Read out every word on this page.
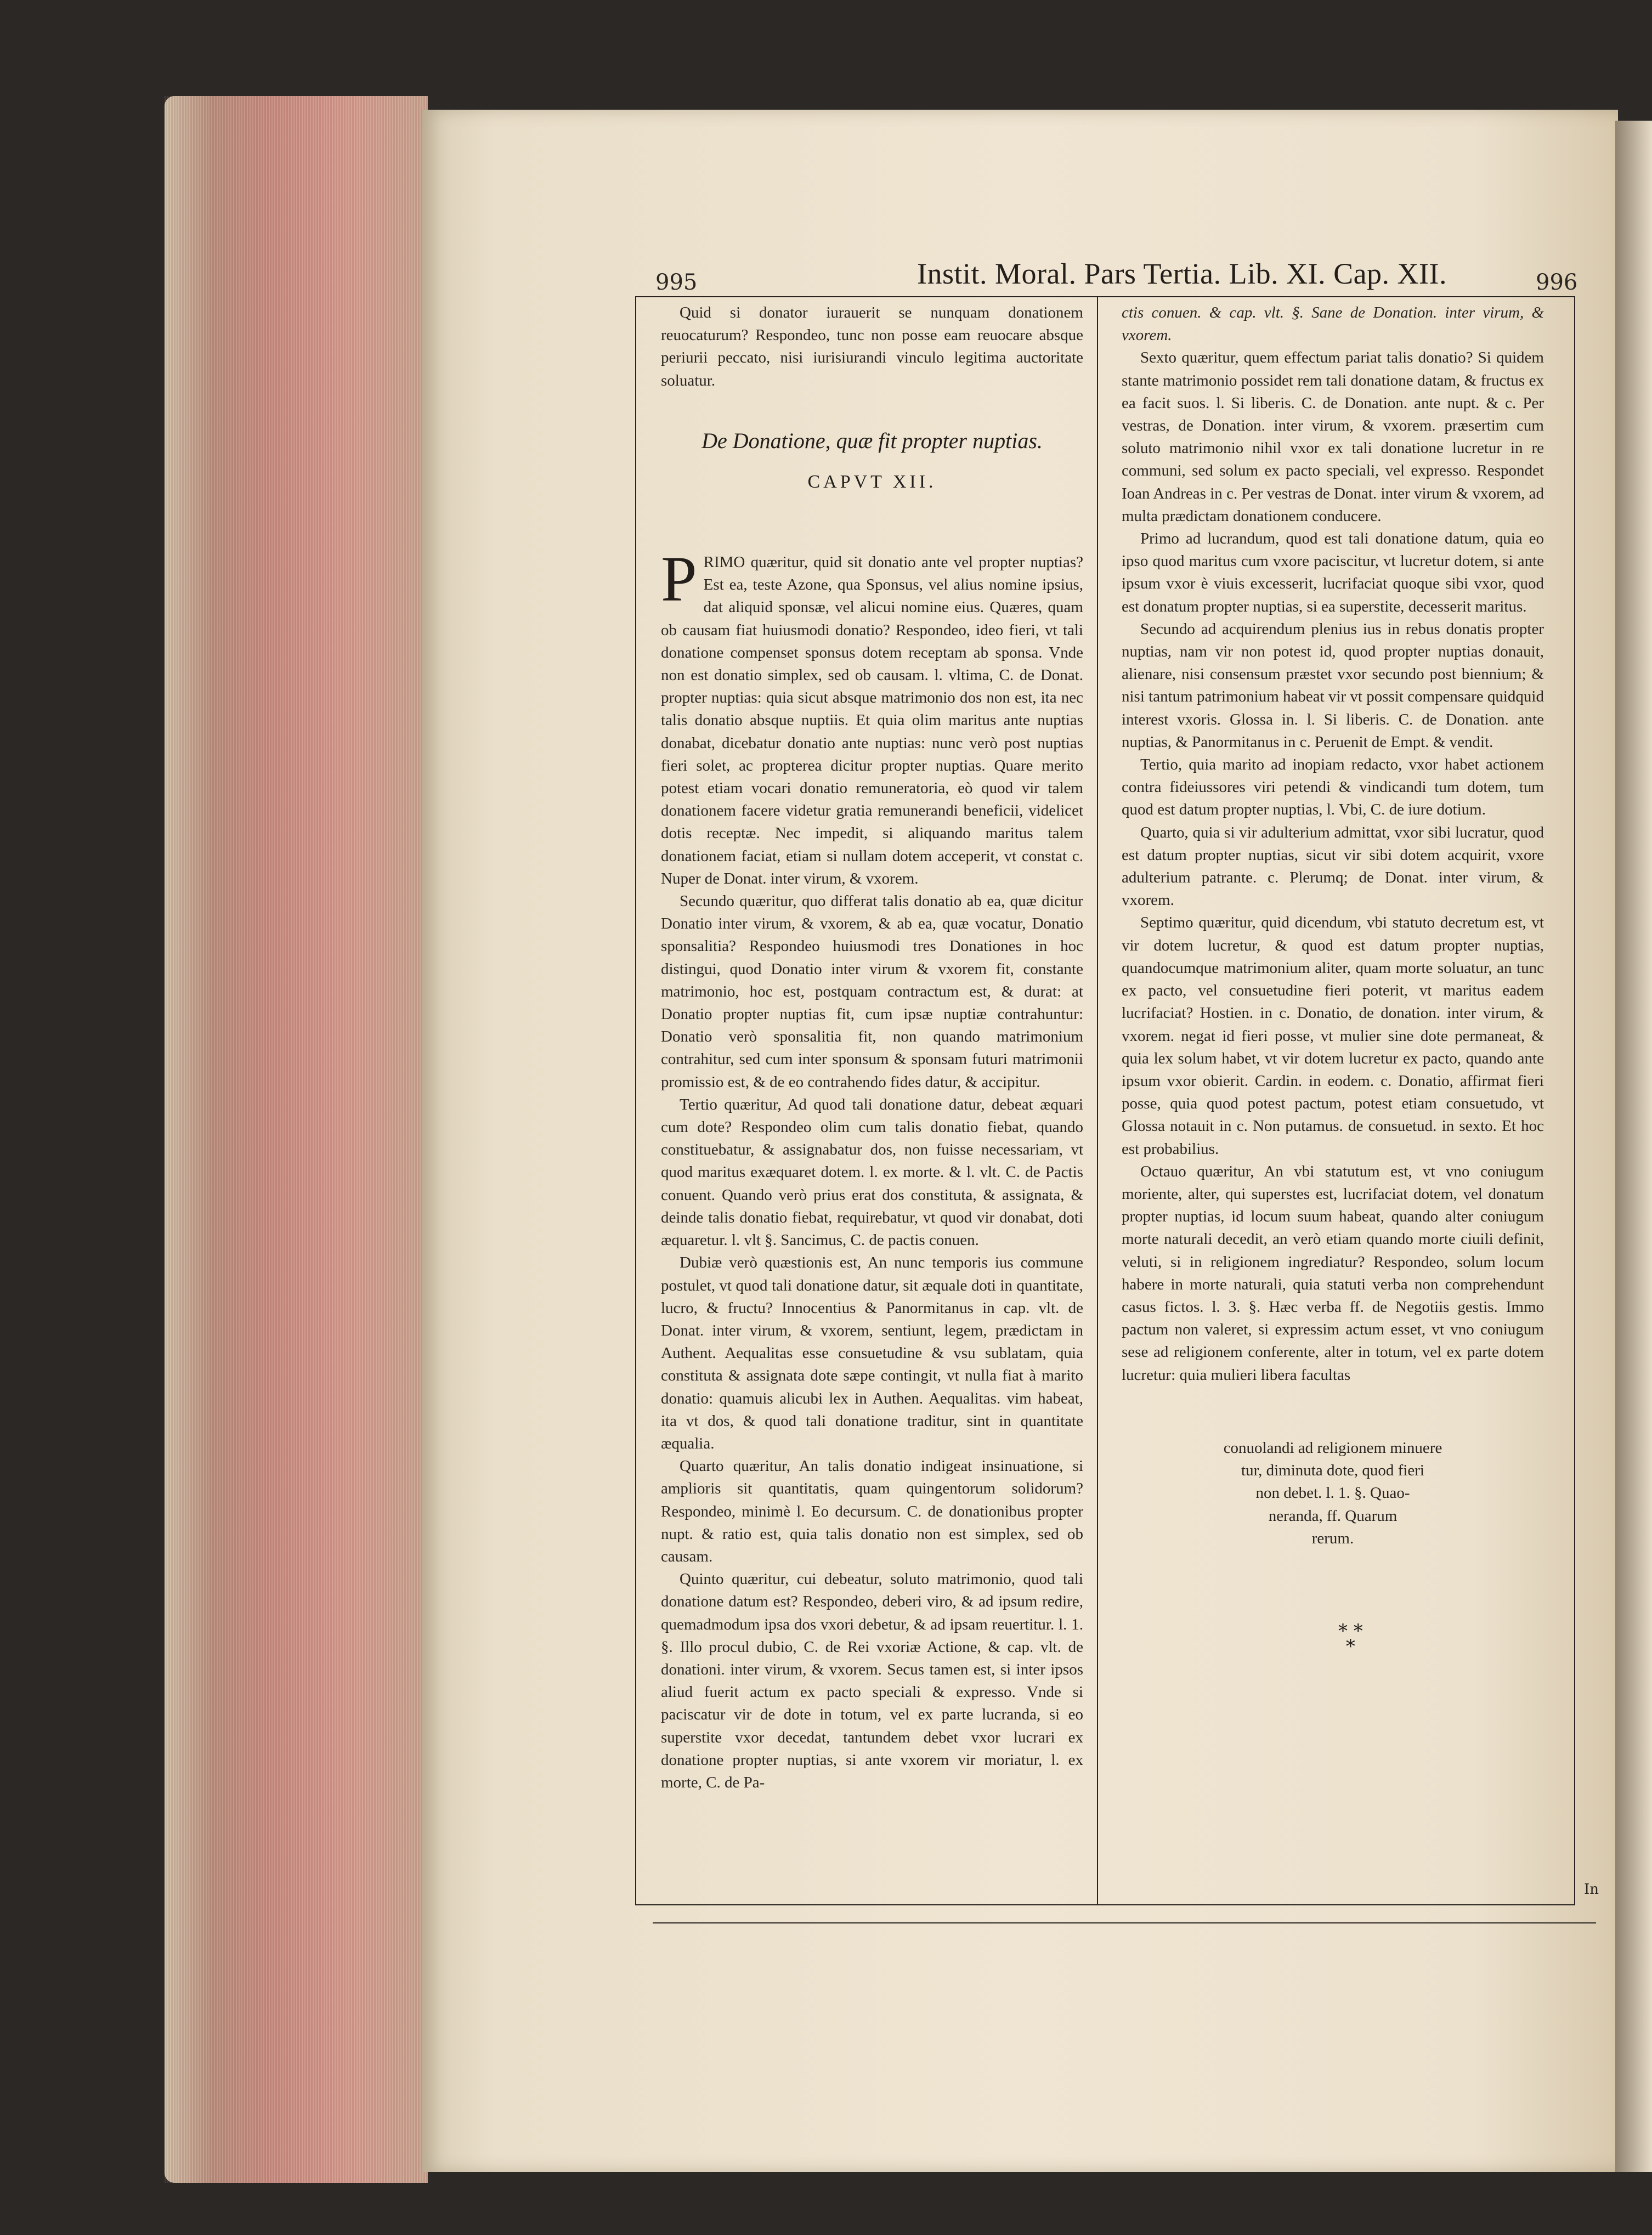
995	Instit. Moral. Pars Tertia. Lib. XI. Cap. XII.	996

Quid si donator iurauerit se nunquam donationem reuocaturum? Respondeo, tunc non posse eam reuocare absque periurii peccato, nisi iurisiurandi vinculo legitima auctoritate soluatur.

De Donatione, quæ fit propter nuptias.
CAPVT XII.

PRIMO quæritur, quid sit donatio ante vel propter nuptias? Est ea, teste Azone, qua Sponsus, vel alius nomine ipsius, dat aliquid sponsæ, vel alicui nomine eius. Quæres, quam ob causam fiat huiusmodi donatio? Respondeo, ideo fieri, vt tali donatione compenset sponsus dotem receptam ab sponsa. Vnde non est donatio simplex, sed ob causam. l. vltima, C. de Donat. propter nuptias: quia sicut absque matrimonio dos non est, ita nec talis donatio absque nuptiis. Et quia olim maritus ante nuptias donabat, dicebatur donatio ante nuptias: nunc verò post nuptias fieri solet, ac propterea dicitur propter nuptias. Quare merito potest etiam vocari donatio remuneratoria, eò quod vir talem donationem facere videtur gratia remunerandi beneficii, videlicet dotis receptæ. Nec impedit, si aliquando maritus talem donationem faciat, etiam si nullam dotem acceperit, vt constat c. Nuper de Donat. inter virum, & vxorem.

Secundo quæritur, quo differat talis donatio ab ea, quæ dicitur Donatio inter virum, & vxorem, & ab ea, quæ vocatur, Donatio sponsalitia? Respondeo huiusmodi tres Donationes in hoc distingui, quod Donatio inter virum & vxorem fit, constante matrimonio, hoc est, postquam contractum est, & durat: at Donatio propter nuptias fit, cum ipsæ nuptiæ contrahuntur: Donatio verò sponsalitia fit, non quando matrimonium contrahitur, sed cum inter sponsum & sponsam futuri matrimonii promissio est, & de eo contrahendo fides datur, & accipitur.

Tertio quæritur, Ad quod tali donatione datur, debeat æquari cum dote? Respondeo olim cum talis donatio fiebat, quando constituebatur, & assignabatur dos, non fuisse necessariam, vt quod maritus exæquaret dotem. l. ex morte. & l. vlt. C. de Pactis conuent. Quando verò prius erat dos constituta, & assignata, & deinde talis donatio fiebat, requirebatur, vt quod vir donabat, doti æquaretur. l. vlt §. Sancimus, C. de pactis conuen.

Dubiæ verò quæstionis est, An nunc temporis ius commune postulet, vt quod tali donatione datur, sit æquale doti in quantitate, lucro, & fructu? Innocentius & Panormitanus in cap. vlt. de Donat. inter virum, & vxorem, sentiunt, legem, prædictam in Authent. Aequalitas esse consuetudine & vsu sublatam, quia constituta & assignata dote sæpe contingit, vt nulla fiat à marito donatio: quamuis alicubi lex in Authen. Aequalitas. vim habeat, ita vt dos, & quod tali donatione traditur, sint in quantitate æqualia.

Quarto quæritur, An talis donatio indigeat insinuatione, si amplioris sit quantitatis, quam quingentorum solidorum? Respondeo, minimè l. Eo decursum. C. de donationibus propter nupt. & ratio est, quia talis donatio non est simplex, sed ob causam.

Quinto quæritur, cui debeatur, soluto matrimonio, quod tali donatione datum est? Respondeo, deberi viro, & ad ipsum redire, quemadmodum ipsa dos vxori debetur, & ad ipsam reuertitur. l. 1. §. Illo procul dubio, C. de Rei vxoriæ Actione, & cap. vlt. de donationi. inter virum, & vxorem. Secus tamen est, si inter ipsos aliud fuerit actum ex pacto speciali & expresso. Vnde si paciscatur vir de dote in totum, vel ex parte lucranda, si eo superstite vxor decedat, tantundem debet vxor lucrari ex donatione propter nuptias, si ante vxorem vir moriatur, l. ex morte, C. de Pa-

ctis conuen. & cap. vlt. §. Sane de Donation. inter virum, & vxorem.

Sexto quæritur, quem effectum pariat talis donatio? Si quidem stante matrimonio possidet rem tali donatione datam, & fructus ex ea facit suos. l. Si liberis. C. de Donation. ante nupt. & c. Per vestras, de Donation. inter virum, & vxorem. præsertim cum soluto matrimonio nihil vxor ex tali donatione lucretur in re communi, sed solum ex pacto speciali, vel expresso. Respondet Ioan Andreas in c. Per vestras de Donat. inter virum & vxorem, ad multa prædictam donationem conducere.

Primo ad lucrandum, quod est tali donatione datum, quia eo ipso quod maritus cum vxore paciscitur, vt lucretur dotem, si ante ipsum vxor è viuis excesserit, lucrifaciat quoque sibi vxor, quod est donatum propter nuptias, si ea superstite, decesserit maritus.

Secundo ad acquirendum plenius ius in rebus donatis propter nuptias, nam vir non potest id, quod propter nuptias donauit, alienare, nisi consensum præstet vxor secundo post biennium; & nisi tantum patrimonium habeat vir vt possit compensare quidquid interest vxoris. Glossa in. l. Si liberis. C. de Donation. ante nuptias, & Panormitanus in c. Peruenit de Empt. & vendit.

Tertio, quia marito ad inopiam redacto, vxor habet actionem contra fideiussores viri petendi & vindicandi tum dotem, tum quod est datum propter nuptias, l. Vbi, C. de iure dotium.

Quarto, quia si vir adulterium admittat, vxor sibi lucratur, quod est datum propter nuptias, sicut vir sibi dotem acquirit, vxore adulterium patrante. c. Plerumq; de Donat. inter virum, & vxorem.

Septimo quæritur, quid dicendum, vbi statuto decretum est, vt vir dotem lucretur, & quod est datum propter nuptias, quandocumque matrimonium aliter, quam morte soluatur, an tunc ex pacto, vel consuetudine fieri poterit, vt maritus eadem lucrifaciat? Hostien. in c. Donatio, de donation. inter virum, & vxorem. negat id fieri posse, vt mulier sine dote permaneat, & quia lex solum habet, vt vir dotem lucretur ex pacto, quando ante ipsum vxor obierit. Cardin. in eodem. c. Donatio, affirmat fieri posse, quia quod potest pactum, potest etiam consuetudo, vt Glossa notauit in c. Non putamus. de consuetud. in sexto. Et hoc est probabilius.

Octauo quæritur, An vbi statutum est, vt vno coniugum moriente, alter, qui superstes est, lucrifaciat dotem, vel donatum propter nuptias, id locum suum habeat, quando alter coniugum morte naturali decedit, an verò etiam quando morte ciuili definit, veluti, si in religionem ingrediatur? Respondeo, solum locum habere in morte naturali, quia statuti verba non comprehendunt casus fictos. l. 3. §. Hæc verba ff. de Negotiis gestis. Immo pactum non valeret, si expressim actum esset, vt vno coniugum sese ad religionem conferente, alter in totum, vel ex parte dotem lucretur: quia mulieri libera facultas

conuolandi ad religionem minuere
tur, diminuta dote, quod fieri
non debet. l. 1. §. Quao-
neranda, ff. Quarum
rerum.
* *
*
In
